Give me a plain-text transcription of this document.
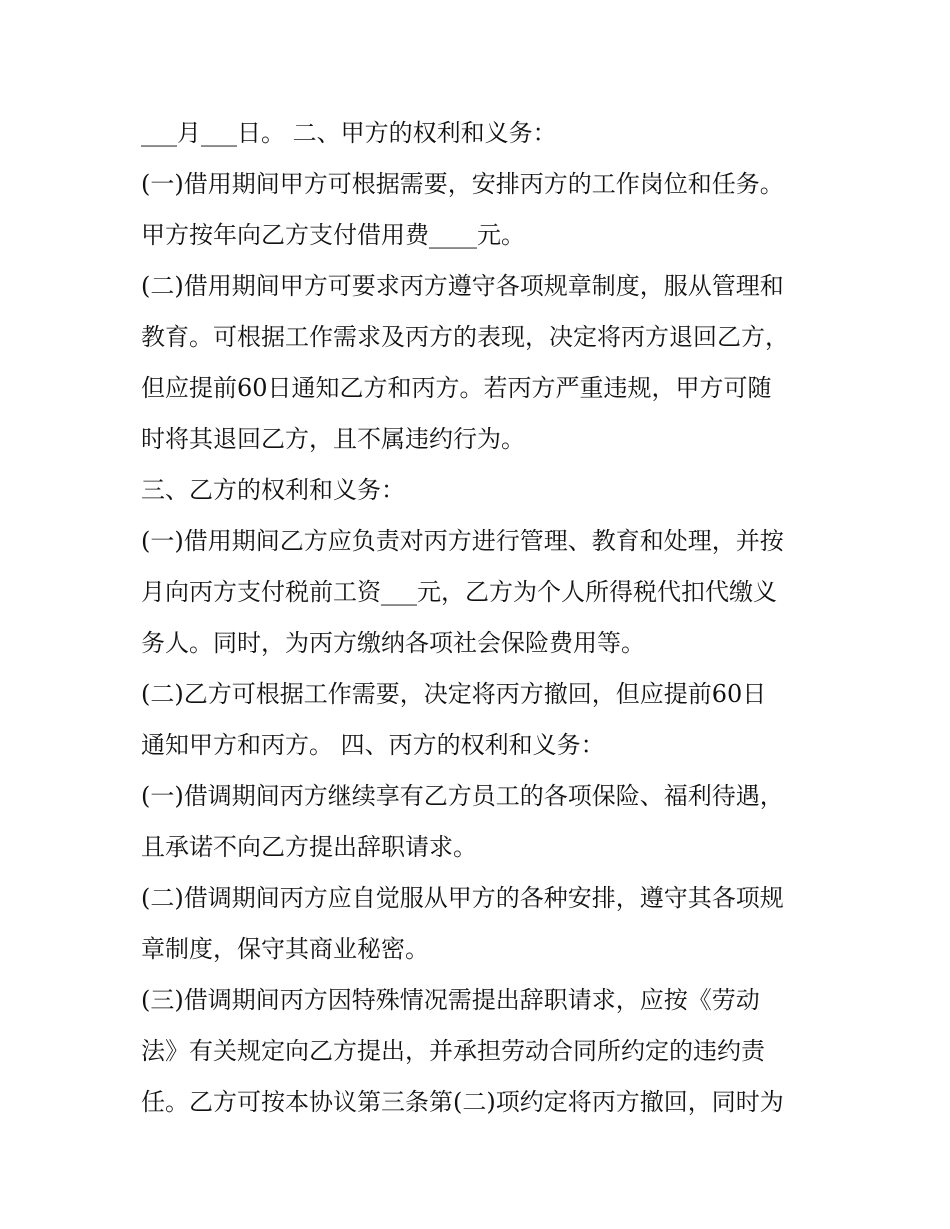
___月___日。 二、甲方的权利和义务：

(一)借用期间甲方可根据需要，安排丙方的工作岗位和任务。

甲方按年向乙方支付借用费____元。

(二)借用期间甲方可要求丙方遵守各项规章制度，服从管理和

教育。可根据工作需求及丙方的表现，决定将丙方退回乙方，

但应提前60日通知乙方和丙方。若丙方严重违规，甲方可随

时将其退回乙方，且不属违约行为。

三、乙方的权利和义务：

(一)借用期间乙方应负责对丙方进行管理、教育和处理，并按

月向丙方支付税前工资___元，乙方为个人所得税代扣代缴义

务人。同时，为丙方缴纳各项社会保险费用等。

(二)乙方可根据工作需要，决定将丙方撤回，但应提前60日

通知甲方和丙方。 四、丙方的权利和义务：

(一)借调期间丙方继续享有乙方员工的各项保险、福利待遇，

且承诺不向乙方提出辞职请求。

(二)借调期间丙方应自觉服从甲方的各种安排，遵守其各项规

章制度，保守其商业秘密。

(三)借调期间丙方因特殊情况需提出辞职请求，应按《劳动

法》有关规定向乙方提出，并承担劳动合同所约定的违约责

任。乙方可按本协议第三条第(二)项约定将丙方撤回，同时为
